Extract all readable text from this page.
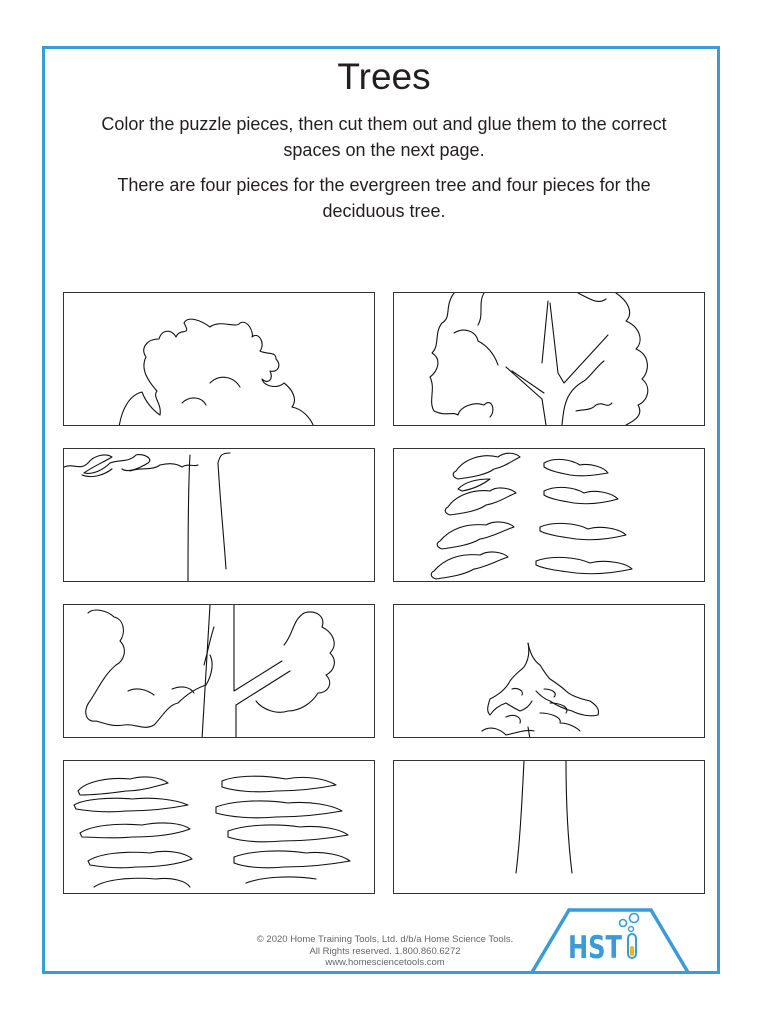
Trees
Color the puzzle pieces, then cut them out and glue them to the correct spaces on the next page.
There are four pieces for the evergreen tree and four pieces for the deciduous tree.
© 2020 Home Training Tools, Ltd. d/b/a Home Science Tools.
All Rights reserved. 1.800.860.6272
www.homesciencetools.com	HST
